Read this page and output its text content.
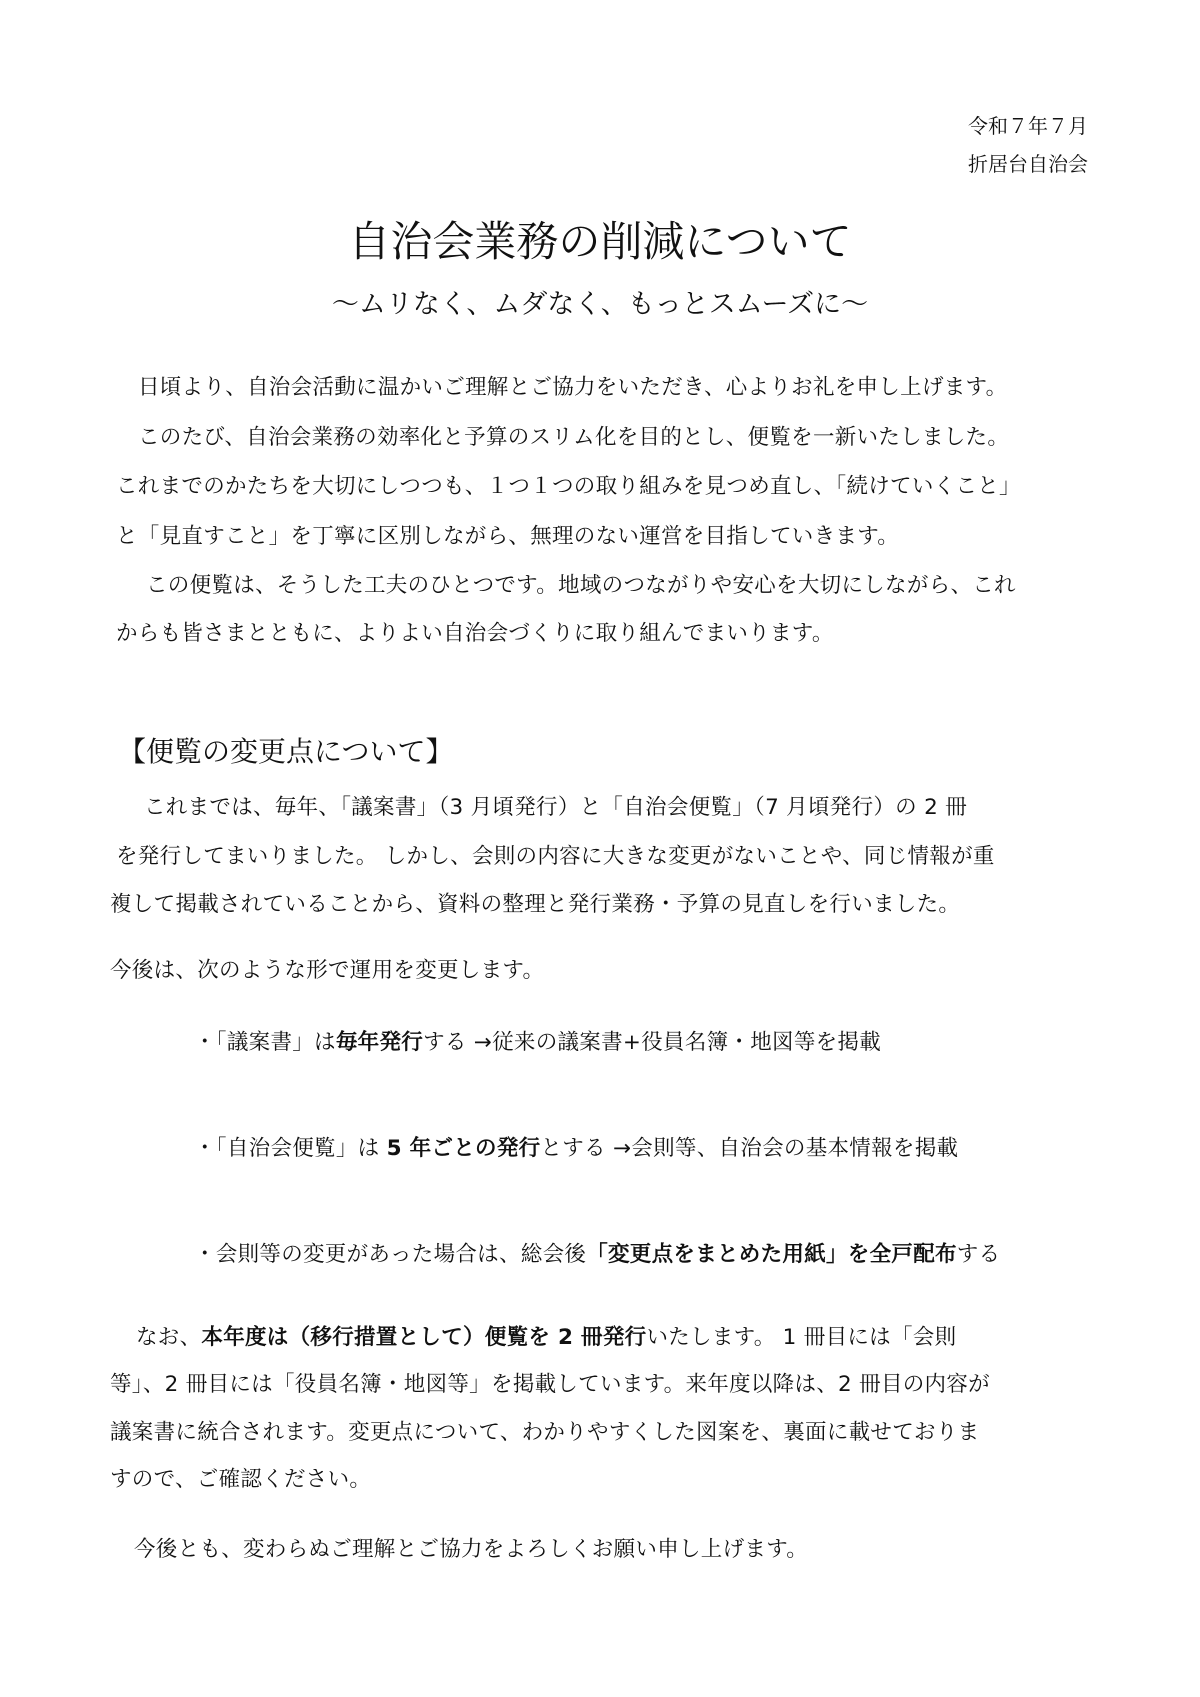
令和７年７月
折居台自治会
自治会業務の削減について
～ムリなく、ムダなく、もっとスムーズに～
日頃より、自治会活動に温かいご理解とご協力をいただき、心よりお礼を申し上げます。
このたび、自治会業務の効率化と予算のスリム化を目的とし、便覧を一新いたしました。
これまでのかたちを大切にしつつも、１つ１つの取り組みを見つめ直し、「続けていくこと」
と「見直すこと」を丁寧に区別しながら、無理のない運営を目指していきます。
この便覧は、そうした工夫のひとつです。地域のつながりや安心を大切にしながら、これ
からも皆さまとともに、よりよい自治会づくりに取り組んでまいります。
【便覧の変更点について】
これまでは、毎年、「議案書」（3 月頃発行）と「自治会便覧」（7 月頃発行）の 2 冊
を発行してまいりました。 しかし、会則の内容に大きな変更がないことや、同じ情報が重
複して掲載されていることから、資料の整理と発行業務・予算の見直しを行いました。
今後は、次のような形で運用を変更します。
・「議案書」は毎年発行する →従来の議案書+役員名簿・地図等を掲載
・「自治会便覧」は 5 年ごとの発行とする →会則等、自治会の基本情報を掲載
・会則等の変更があった場合は、総会後「変更点をまとめた用紙」を全戸配布する
なお、本年度は（移行措置として）便覧を 2 冊発行いたします。 1 冊目には「会則
等」、2 冊目には「役員名簿・地図等」を掲載しています。来年度以降は、2 冊目の内容が
議案書に統合されます。変更点について、わかりやすくした図案を、裏面に載せておりま
すので、ご確認ください。
今後とも、変わらぬご理解とご協力をよろしくお願い申し上げます。
